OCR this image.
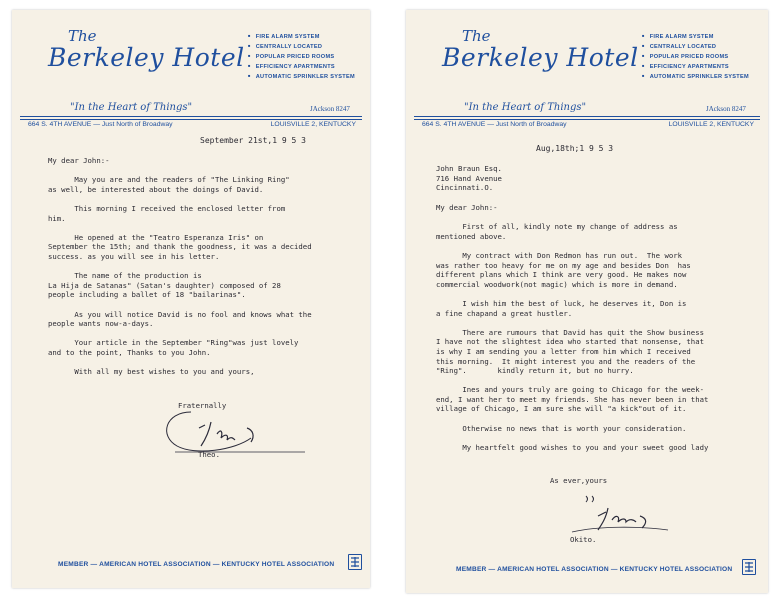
The
Berkeley Hotel
■ FIRE ALARM SYSTEM
■ CENTRALLY LOCATED
■ POPULAR PRICED ROOMS
■ EFFICIENCY APARTMENTS
■ AUTOMATIC SPRINKLER SYSTEM
"In the Heart of Things"	JAckson 8247
664 S. 4TH AVENUE — Just North of Broadway	LOUISVILLE 2, KENTUCKY
September 21st,1 9 5 3
My dear John:-

May you are and the readers of "The Linking Ring"
as well, be interested about the doings of David.

This morning I received the enclosed letter from
him.

He opened at the "Teatro Esperanza Iris" on
September the 15th; and thank the goodness, it was a decided
success. as you will see in his letter.

The name of the production is
La Hija de Satanas" (Satan's daughter) composed of 28
people including a ballet of 18 "bailarinas".

As you will notice David is no fool and knows what the
people wants now-a-days.

Your article in the September "Ring"was just lovely
and to the point, Thanks to you John.

With all my best wishes to you and yours,
Fraternally
Theo.
MEMBER — AMERICAN HOTEL ASSOCIATION — KENTUCKY HOTEL ASSOCIATION
The
Berkeley Hotel
■ FIRE ALARM SYSTEM
■ CENTRALLY LOCATED
■ POPULAR PRICED ROOMS
■ EFFICIENCY APARTMENTS
■ AUTOMATIC SPRINKLER SYSTEM
"In the Heart of Things"	JAckson 8247
664 S. 4TH AVENUE — Just North of Broadway	LOUISVILLE 2, KENTUCKY
Aug,18th;1 9 5 3
John Braun Esq.
716 Hand Avenue
Cincinnati.O.
My dear John:-

First of all, kindly note my change of address as
mentioned above.

My contract with Don Redmon has run out.  The work
was rather too heavy for me on my age and besides Don  has
different plans which I think are very good. He makes now
commercial woodwork(not magic) which is more in demand.

I wish him the best of luck, he deserves it, Don is
a fine chapand a great hustler.

There are rumours that David has quit the Show business
I have not the slightest idea who started that nonsense, that
is why I am sending you a letter from him which I received
this morning.  It might interest you and the readers of the
"Ring".       kindly return it, but no hurry.

Ines and yours truly are going to Chicago for the week-
end, I want her to meet my friends. She has never been in that
village of Chicago, I am sure she will "a kick"out of it.

Otherwise no news that is worth your consideration.

My heartfelt good wishes to you and your sweet good lady
As ever,yours
Okito.
MEMBER — AMERICAN HOTEL ASSOCIATION — KENTUCKY HOTEL ASSOCIATION
